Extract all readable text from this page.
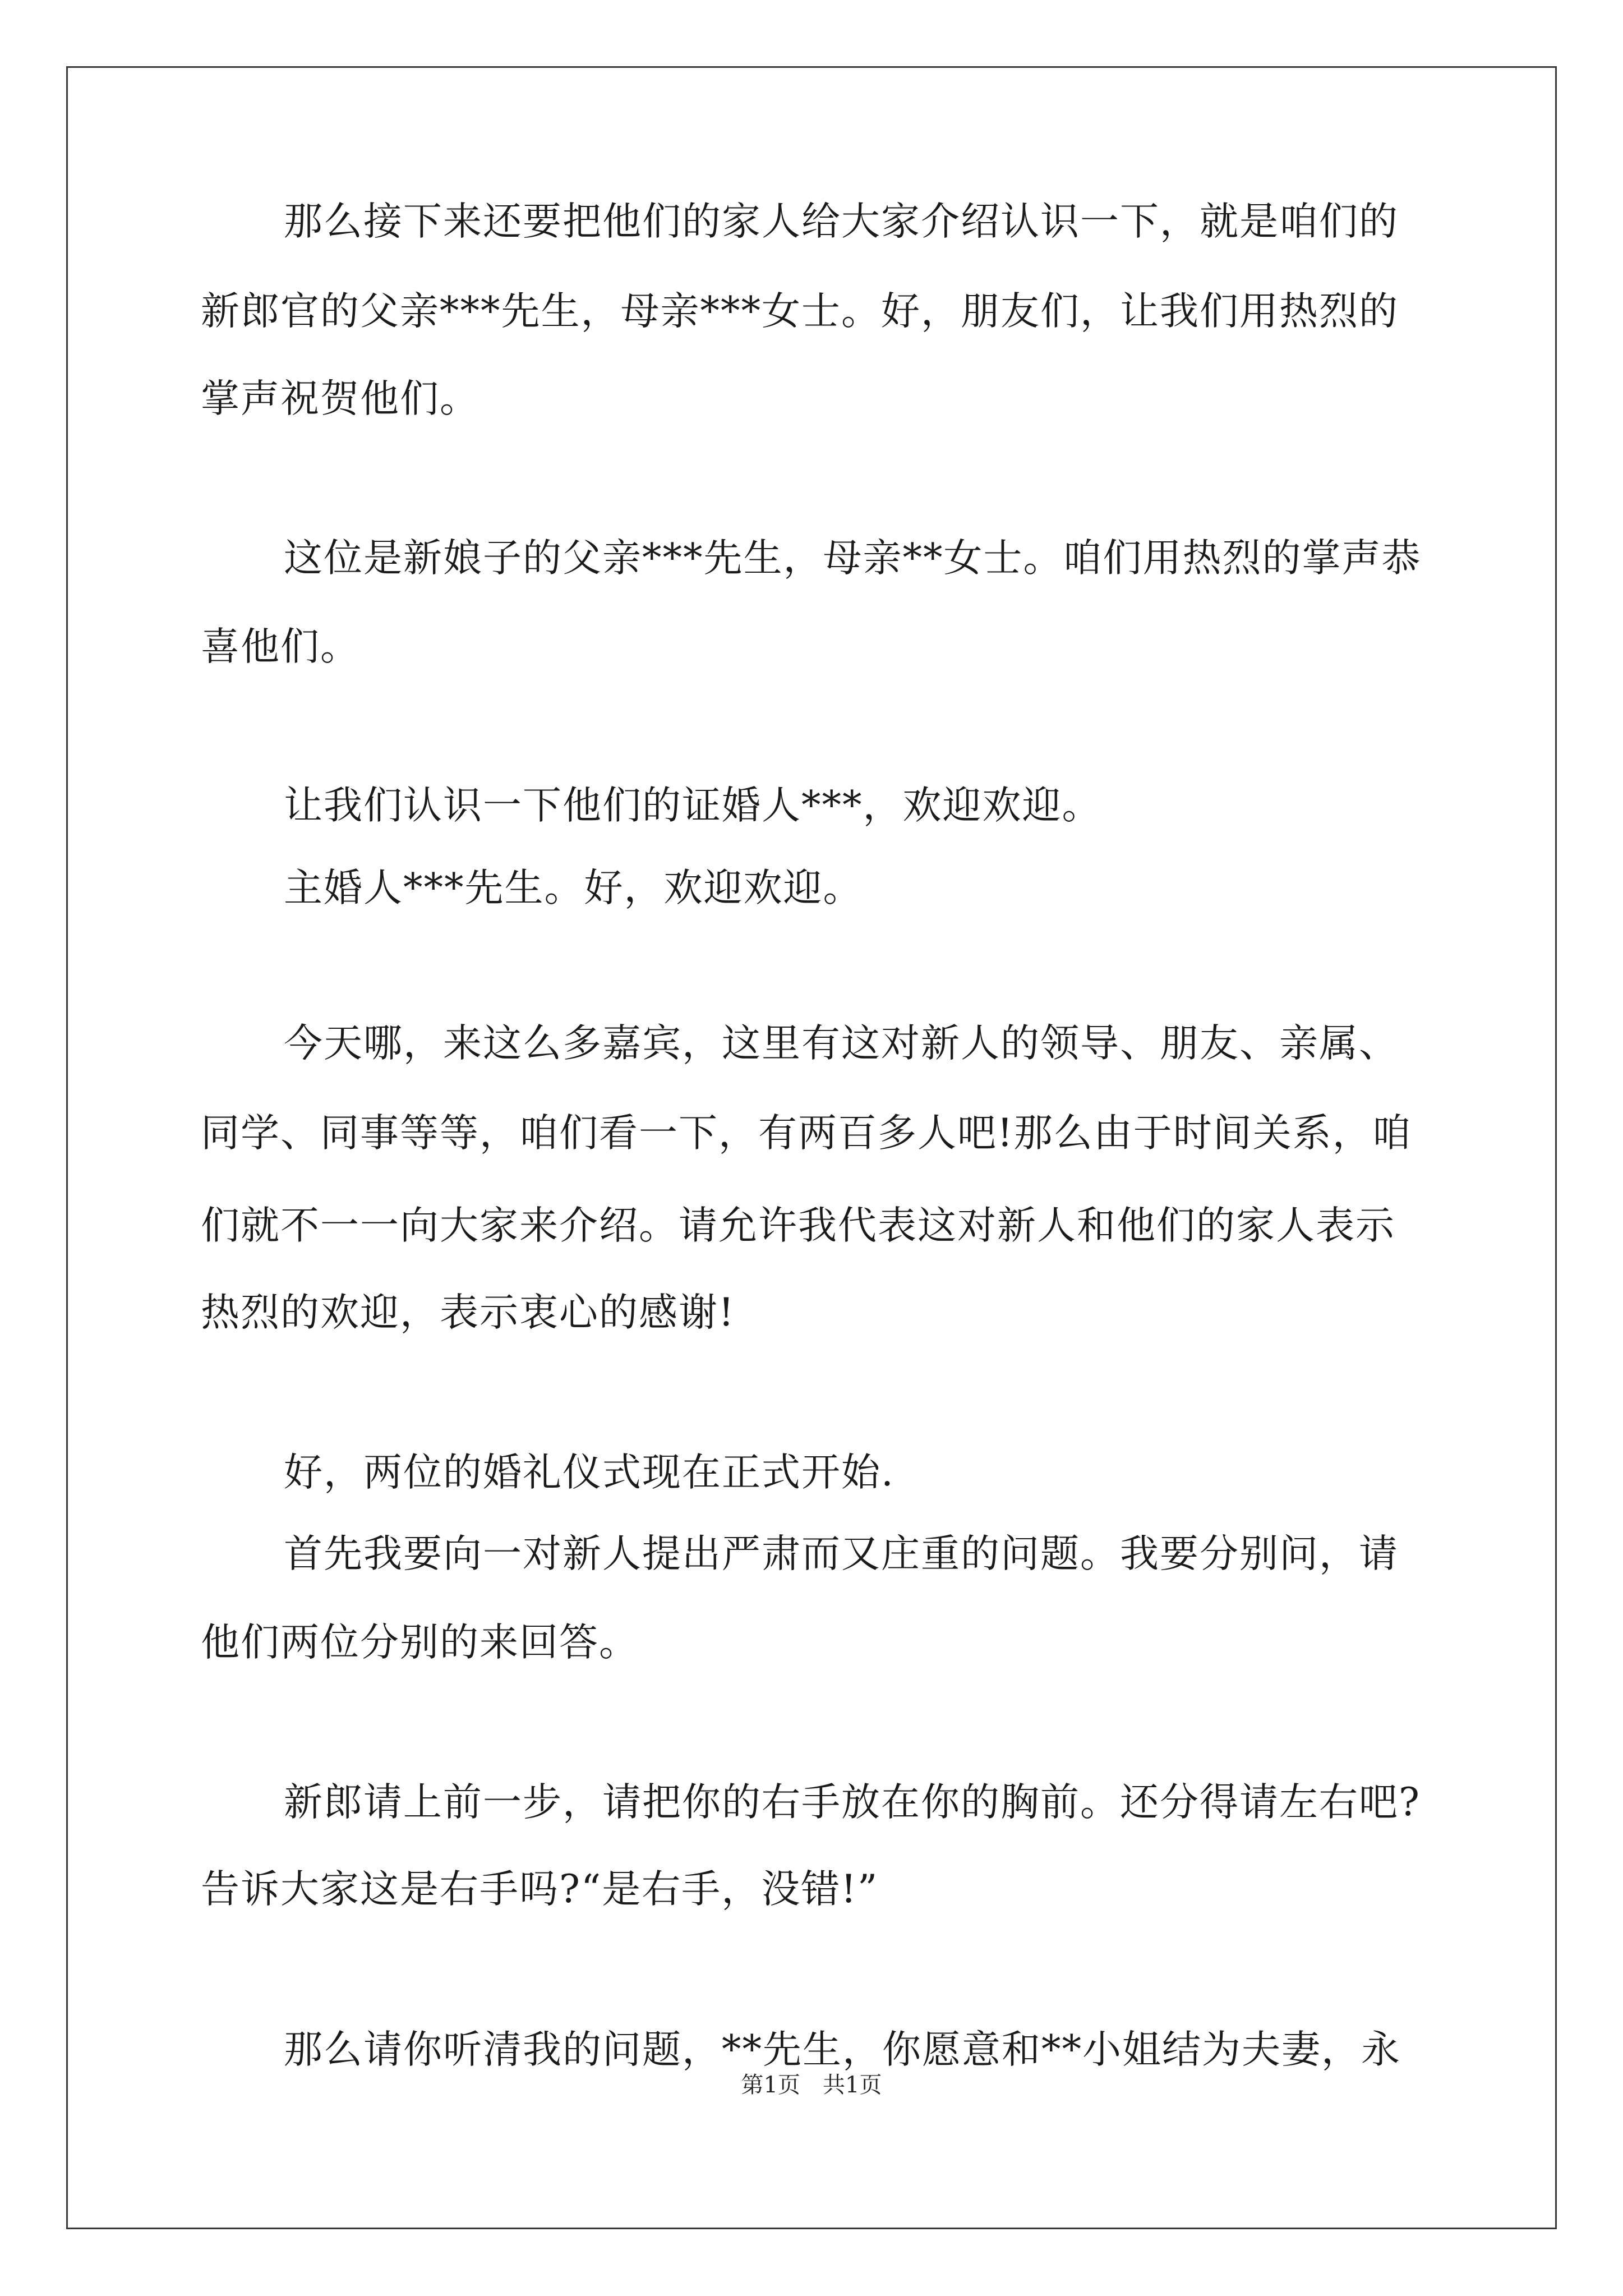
那么接下来还要把他们的家人给大家介绍认识一下，就是咱们的
新郎官的父亲***先生，母亲***女士。好，朋友们，让我们用热烈的
掌声祝贺他们。
这位是新娘子的父亲***先生，母亲**女士。咱们用热烈的掌声恭
喜他们。
让我们认识一下他们的证婚人***，欢迎欢迎。
主婚人***先生。好，欢迎欢迎。
今天哪，来这么多嘉宾，这里有这对新人的领导、朋友、亲属、
同学、同事等等，咱们看一下，有两百多人吧!那么由于时间关系，咱
们就不一一向大家来介绍。请允许我代表这对新人和他们的家人表示
热烈的欢迎，表示衷心的感谢!
好，两位的婚礼仪式现在正式开始.
首先我要向一对新人提出严肃而又庄重的问题。我要分别问，请
他们两位分别的来回答。
新郎请上前一步，请把你的右手放在你的胸前。还分得请左右吧?
告诉大家这是右手吗?“是右手，没错!”
那么请你听清我的问题，**先生，你愿意和**小姐结为夫妻，永
第1页 共1页
